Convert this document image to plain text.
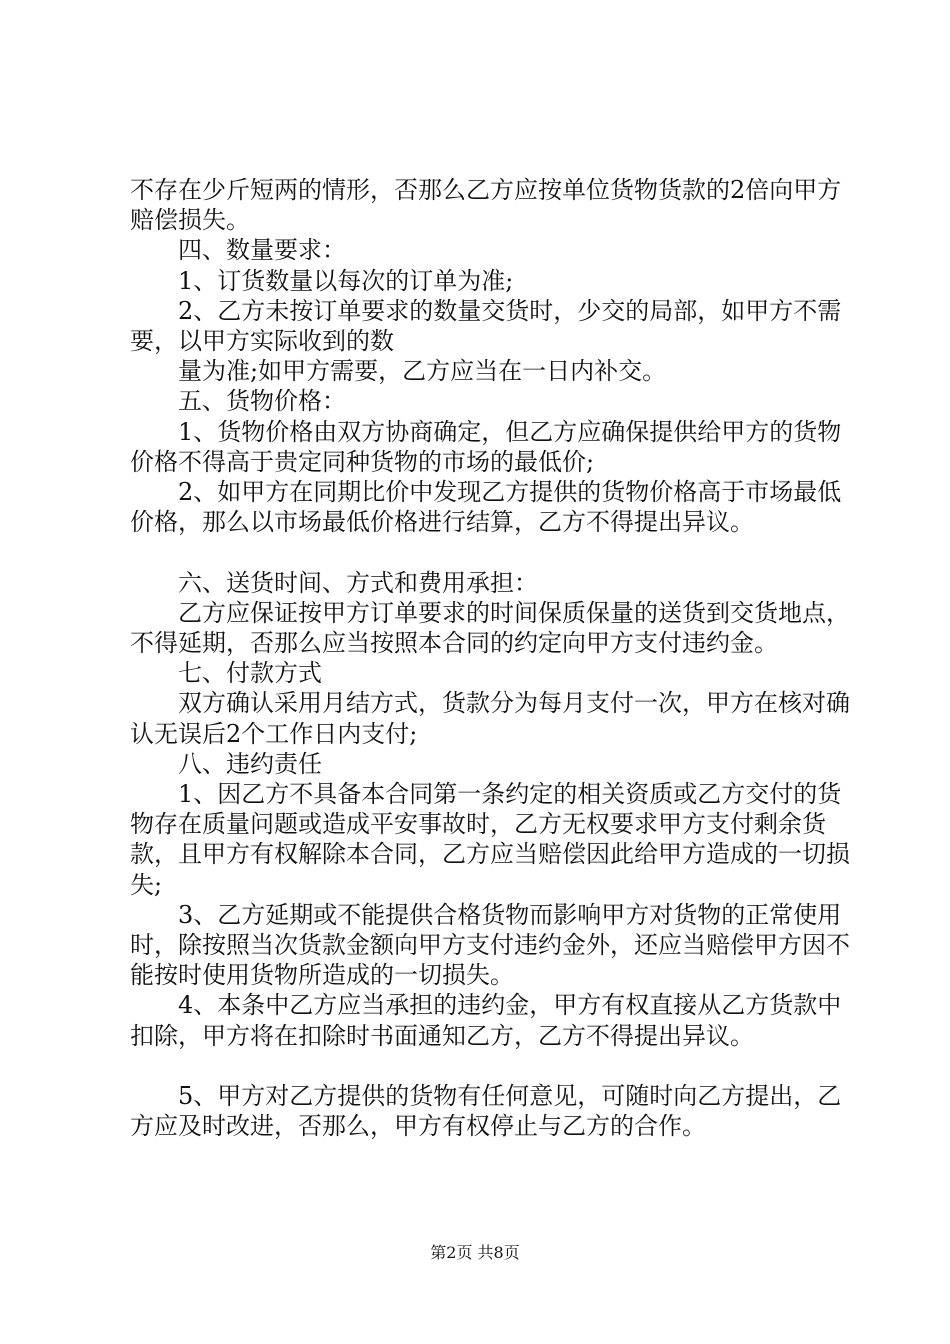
不存在少斤短两的情形，否那么乙方应按单位货物货款的2倍向甲方赔偿损失。

四、数量要求：

1、订货数量以每次的订单为准;

2、乙方未按订单要求的数量交货时，少交的局部，如甲方不需要，以甲方实际收到的数

量为准;如甲方需要，乙方应当在一日内补交。

五、货物价格：

1、货物价格由双方协商确定，但乙方应确保提供给甲方的货物价格不得高于贵定同种货物的市场的最低价;

2、如甲方在同期比价中发现乙方提供的货物价格高于市场最低价格，那么以市场最低价格进行结算，乙方不得提出异议。

六、送货时间、方式和费用承担：

乙方应保证按甲方订单要求的时间保质保量的送货到交货地点，不得延期，否那么应当按照本合同的约定向甲方支付违约金。

七、付款方式

双方确认采用月结方式，货款分为每月支付一次，甲方在核对确认无误后2个工作日内支付;

八、违约责任

1、因乙方不具备本合同第一条约定的相关资质或乙方交付的货物存在质量问题或造成平安事故时，乙方无权要求甲方支付剩余货款，且甲方有权解除本合同，乙方应当赔偿因此给甲方造成的一切损失;

3、乙方延期或不能提供合格货物而影响甲方对货物的正常使用时，除按照当次货款金额向甲方支付违约金外，还应当赔偿甲方因不能按时使用货物所造成的一切损失。

4、本条中乙方应当承担的违约金，甲方有权直接从乙方货款中扣除，甲方将在扣除时书面通知乙方，乙方不得提出异议。

5、甲方对乙方提供的货物有任何意见，可随时向乙方提出，乙方应及时改进，否那么，甲方有权停止与乙方的合作。

第2页 共8页
